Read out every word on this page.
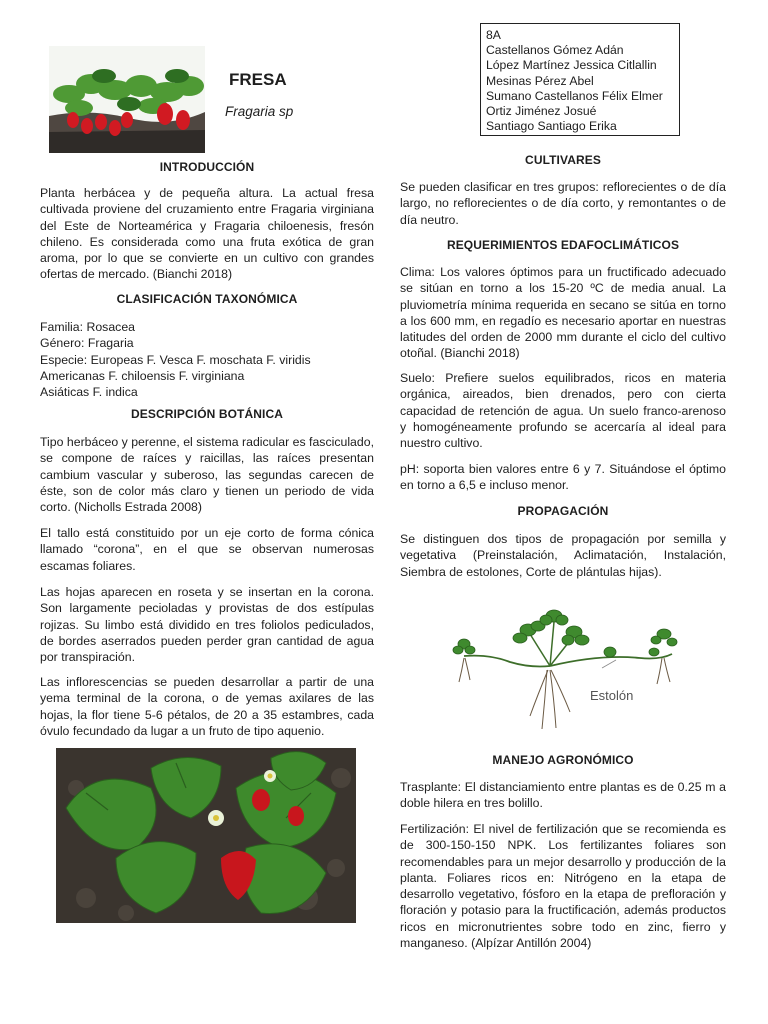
FRESA
Fragaria sp
8A
Castellanos Gómez Adán
López Martínez Jessica Citlallin
Mesinas Pérez Abel
Sumano Castellanos Félix Elmer
Ortiz Jiménez Josué
Santiago Santiago Erika
INTRODUCCIÓN

Planta herbácea y de pequeña altura. La actual fresa cultivada proviene del cruzamiento entre Fragaria virginiana del Este de Norteamérica y Fragaria chiloenesis, fresón chileno. Es considerada como una fruta exótica de gran aroma, por lo que se convierte en un cultivo con grandes ofertas de mercado. (Bianchi 2018)

CLASIFICACIÓN TAXONÓMICA
Familia: Rosacea
Género: Fragaria
Especie: Europeas F. Vesca F. moschata F. viridis
Americanas F. chiloensis F. virginiana
Asiáticas F. indica
DESCRIPCIÓN BOTÁNICA

Tipo herbáceo y perenne, el sistema radicular es fasciculado, se compone de raíces y raicillas, las raíces presentan cambium vascular y suberoso, las segundas carecen de éste, son de color más claro y tienen un periodo de vida corto. (Nicholls Estrada 2008)

El tallo está constituido por un eje corto de forma cónica llamado “corona”, en el que se observan numerosas escamas foliares.

Las hojas aparecen en roseta y se insertan en la corona. Son largamente pecioladas y provistas de dos estípulas rojizas. Su limbo está dividido en tres foliolos pediculados, de bordes aserrados pueden perder gran cantidad de agua por transpiración.

Las inflorescencias se pueden desarrollar a partir de una yema terminal de la corona, o de yemas axilares de las hojas, la flor tiene 5-6 pétalos, de 20 a 35 estambres, cada óvulo fecundado da lugar a un fruto de tipo aquenio.

CULTIVARES

Se pueden clasificar en tres grupos: reflorecientes o de día largo, no reflorecientes o de día corto, y remontantes o de día neutro.

REQUERIMIENTOS EDAFOCLIMÁTICOS

Clima: Los valores óptimos para un fructificado adecuado se sitúan en torno a los 15-20 ºC de media anual. La pluviometría mínima requerida en secano se sitúa en torno a los 600 mm, en regadío es necesario aportar en nuestras latitudes del orden de 2000 mm durante el ciclo del cultivo otoñal. (Bianchi 2018)

Suelo: Prefiere suelos equilibrados, ricos en materia orgánica, aireados, bien drenados, pero con cierta capacidad de retención de agua. Un suelo franco-arenoso y homogéneamente profundo se acercaría al ideal para nuestro cultivo.

pH: soporta bien valores entre 6 y 7. Situándose el óptimo en torno a 6,5 e incluso menor.

PROPAGACIÓN

Se distinguen dos tipos de propagación por semilla y vegetativa (Preinstalación, Aclimatación, Instalación, Siembra de estolones, Corte de plántulas hijas).

Estolón
MANEJO AGRONÓMICO

Trasplante: El distanciamiento entre plantas es de 0.25 m a doble hilera en tres bolillo.

Fertilización: El nivel de fertilización que se recomienda es de 300-150-150 NPK. Los fertilizantes foliares son recomendables para un mejor desarrollo y producción de la planta. Foliares ricos en: Nitrógeno en la etapa de desarrollo vegetativo, fósforo en la etapa de prefloración y floración y potasio para la fructificación, además productos ricos en micronutrientes sobre todo en zinc, fierro y manganeso. (Alpízar Antillón 2004)
